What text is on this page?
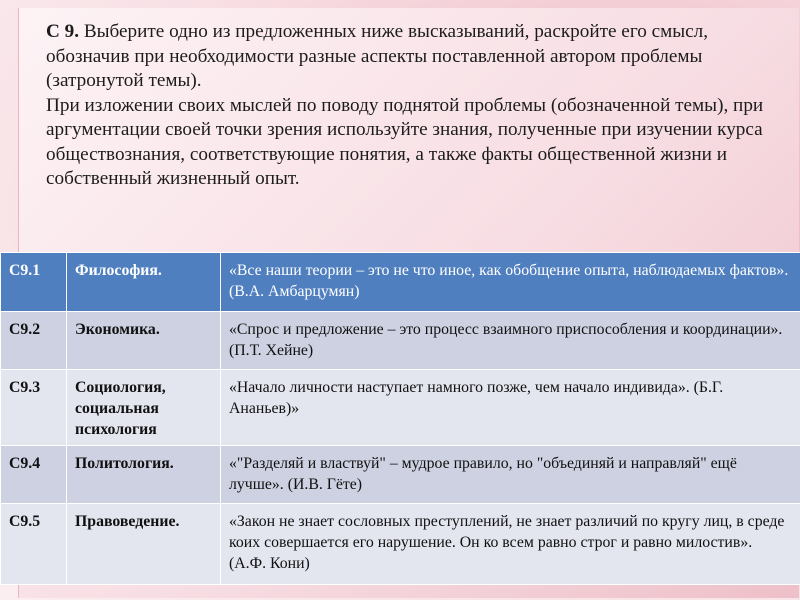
С 9. Выберите одно из предложенных ниже высказываний, раскройте его смысл, обозначив при необходимости разные аспекты поставленной автором проблемы (затронутой темы).

При изложении своих мыслей по поводу поднятой проблемы (обозначенной темы), при аргументации своей точки зрения используйте знания, полученные при изучении курса обществознания, соответствующие понятия, а также факты общественной жизни и собственный жизненный опыт.

С9.1	Философия.	«Все наши теории – это не что иное, как обобщение опыта, наблюдаемых фактов». (В.А. Амбарцумян)
С9.2	Экономика.	«Спрос и предложение – это процесс взаимного приспособления и координации». (П.Т. Хейне)
С9.3	Социология, социальная психология	«Начало личности наступает намного позже, чем начало индивида». (Б.Г. Ананьев)»
С9.4	Политология.	«"Разделяй и властвуй" – мудрое правило, но "объединяй и направляй" ещё лучше». (И.В. Гёте)
С9.5	Правоведение.	«Закон не знает сословных преступлений, не знает различий по кругу лиц, в среде коих совершается его нарушение. Он ко всем равно строг и равно милостив». (А.Ф. Кони)
